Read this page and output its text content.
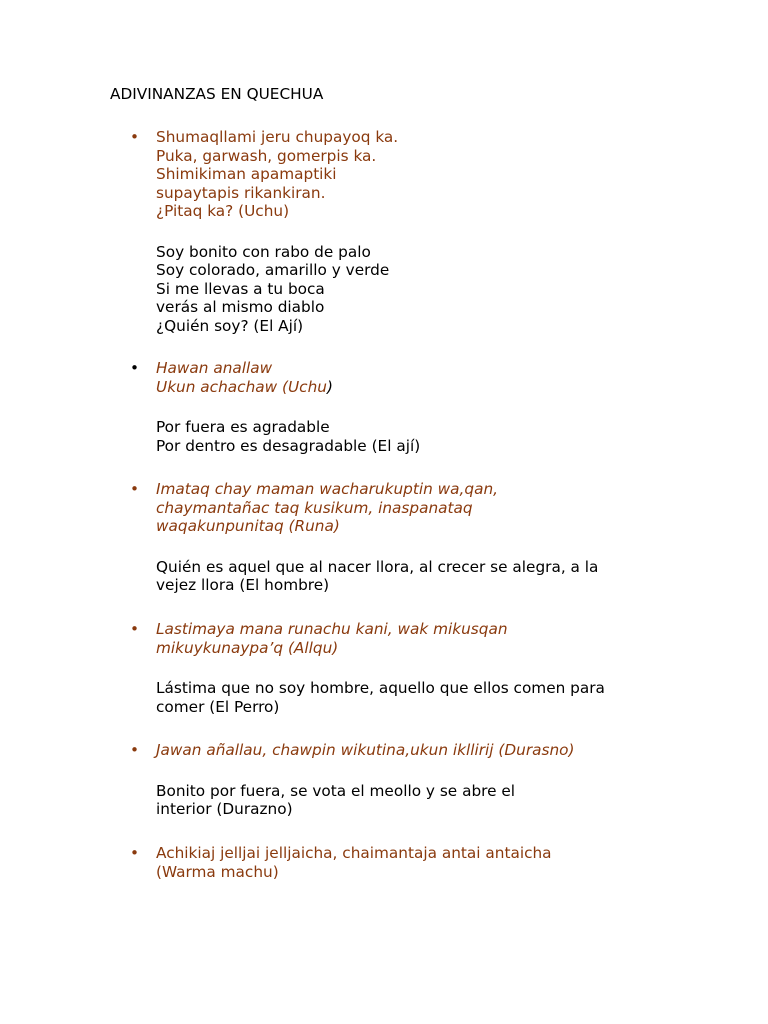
ADIVINANZAS EN QUECHUA
• Shumaqllami jeru chupayoq ka.
Puka, garwash, gomerpis ka.
Shimikiman apamaptiki
supaytapis rikankiran.
¿Pitaq ka? (Uchu)
Soy bonito con rabo de palo
Soy colorado, amarillo y verde
Si me llevas a tu boca
verás al mismo diablo
¿Quién soy? (El Ají)
• Hawan anallaw
Ukun achachaw (Uchu)
Por fuera es agradable
Por dentro es desagradable (El ají)
• Imataq chay maman wacharukuptin wa,qan,
chaymantañac taq kusikum, inaspanataq
waqakunpunitaq (Runa)
Quién es aquel que al nacer llora, al crecer se alegra, a la
vejez llora (El hombre)
• Lastimaya mana runachu kani, wak mikusqan
mikuykunaypa’q (Allqu)
Lástima que no soy hombre, aquello que ellos comen para
comer (El Perro)
• Jawan añallau, chawpin wikutina,ukun ikllirij (Durasno)
Bonito por fuera, se vota el meollo y se abre el
interior (Durazno)
• Achikiaj jelljai jelljaicha, chaimantaja antai antaicha
(Warma machu)
